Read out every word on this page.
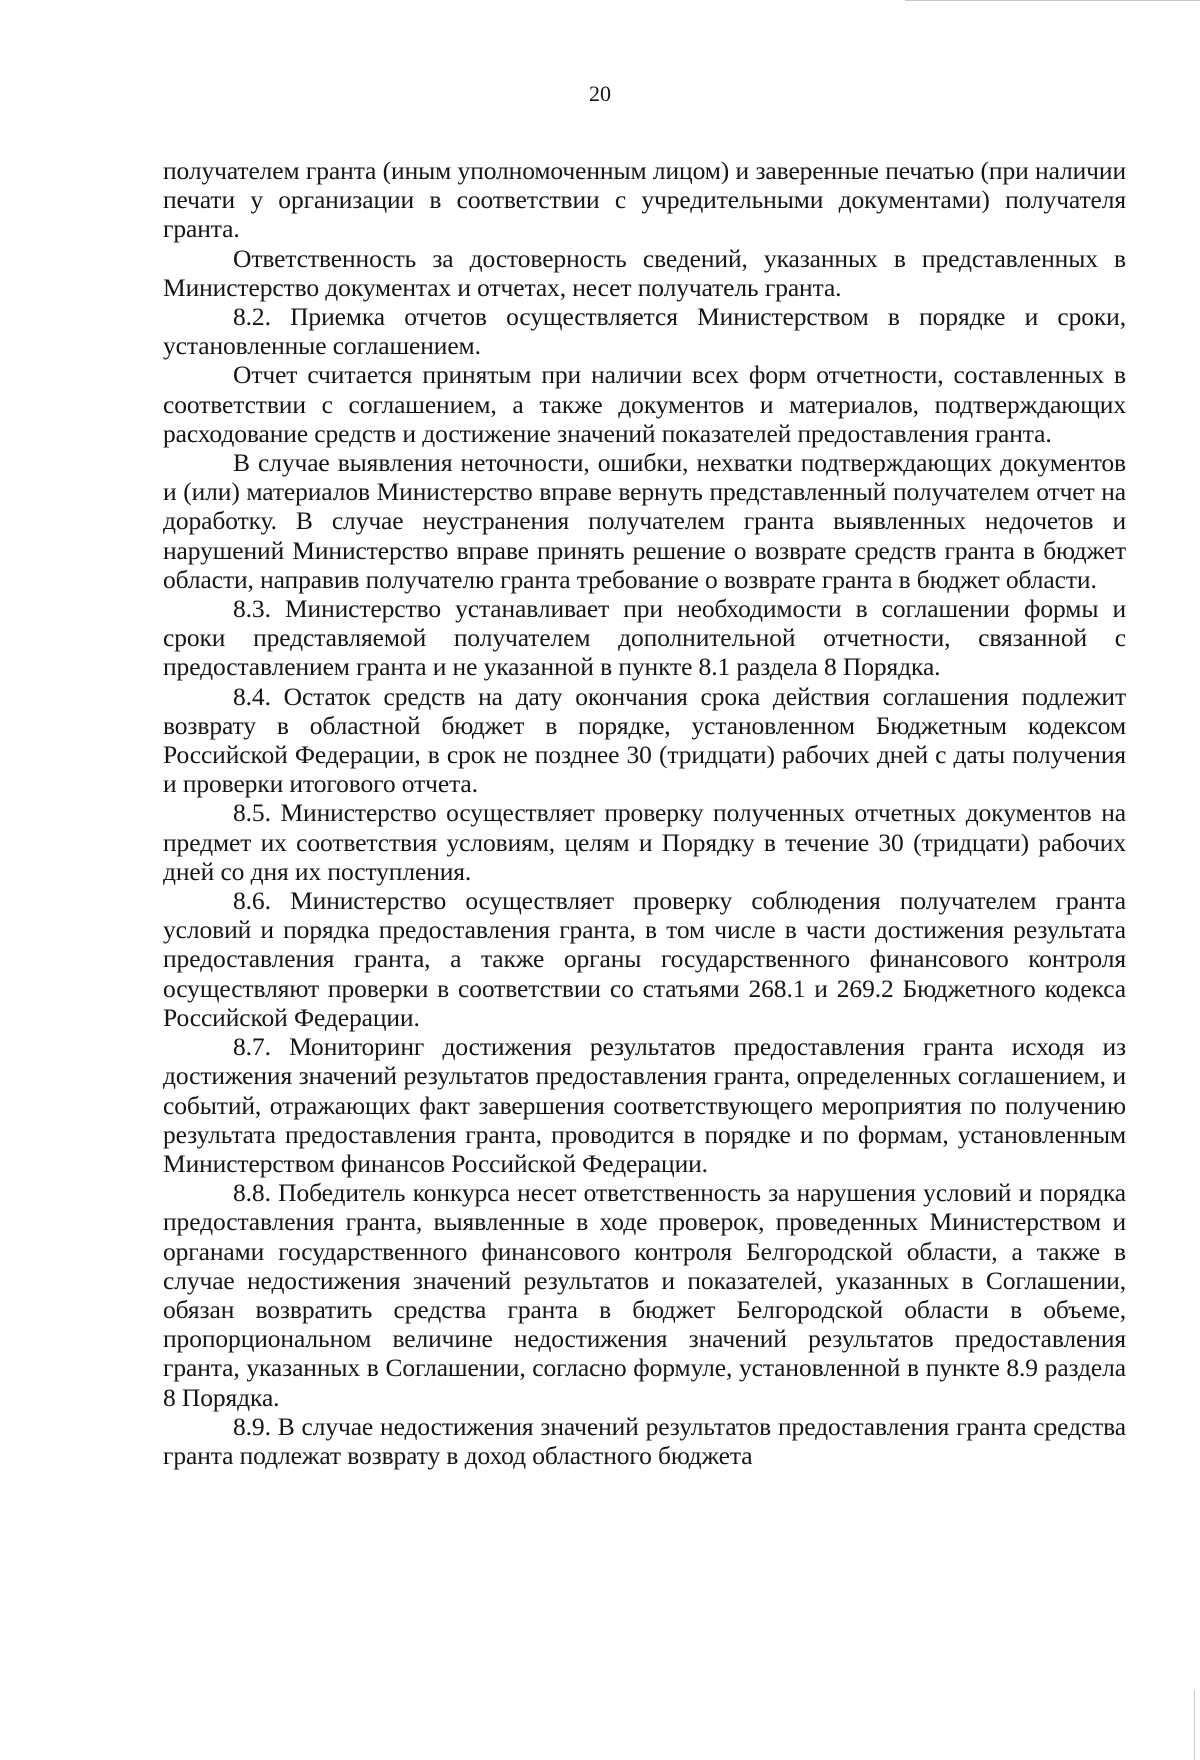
20

получателем гранта (иным уполномоченным лицом) и заверенные печатью (при наличии печати у организации в соответствии с учредительными документами) получателя гранта.

Ответственность за достоверность сведений, указанных в представленных в Министерство документах и отчетах, несет получатель гранта.

8.2. Приемка отчетов осуществляется Министерством в порядке и сроки, установленные соглашением.

Отчет считается принятым при наличии всех форм отчетности, составленных в соответствии с соглашением, а также документов и материалов, подтверждающих расходование средств и достижение значений показателей предоставления гранта.

В случае выявления неточности, ошибки, нехватки подтверждающих документов и (или) материалов Министерство вправе вернуть представленный получателем отчет на доработку. В случае неустранения получателем гранта выявленных недочетов и нарушений Министерство вправе принять решение о возврате средств гранта в бюджет области, направив получателю гранта требование о возврате гранта в бюджет области.

8.3. Министерство устанавливает при необходимости в соглашении формы и сроки представляемой получателем дополнительной отчетности, связанной с предоставлением гранта и не указанной в пункте 8.1 раздела 8 Порядка.

8.4. Остаток средств на дату окончания срока действия соглашения подлежит возврату в областной бюджет в порядке, установленном Бюджетным кодексом Российской Федерации, в срок не позднее 30 (тридцати) рабочих дней с даты получения и проверки итогового отчета.

8.5. Министерство осуществляет проверку полученных отчетных документов на предмет их соответствия условиям, целям и Порядку в течение 30 (тридцати) рабочих дней со дня их поступления.

8.6. Министерство осуществляет проверку соблюдения получателем гранта условий и порядка предоставления гранта, в том числе в части достижения результата предоставления гранта, а также органы государственного финансового контроля осуществляют проверки в соответствии со статьями 268.1 и 269.2 Бюджетного кодекса Российской Федерации.

8.7. Мониторинг достижения результатов предоставления гранта исходя из достижения значений результатов предоставления гранта, определенных соглашением, и событий, отражающих факт завершения соответствующего мероприятия по получению результата предоставления гранта, проводится в порядке и по формам, установленным Министерством финансов Российской Федерации.

8.8. Победитель конкурса несет ответственность за нарушения условий и порядка предоставления гранта, выявленные в ходе проверок, проведенных Министерством и органами государственного финансового контроля Белгородской области, а также в случае недостижения значений результатов и показателей, указанных в Соглашении, обязан возвратить средства гранта в бюджет Белгородской области в объеме, пропорциональном величине недостижения значений результатов предоставления гранта, указанных в Соглашении, согласно формуле, установленной в пункте 8.9 раздела 8 Порядка.

8.9. В случае недостижения значений результатов предоставления гранта средства гранта подлежат возврату в доход областного бюджета
